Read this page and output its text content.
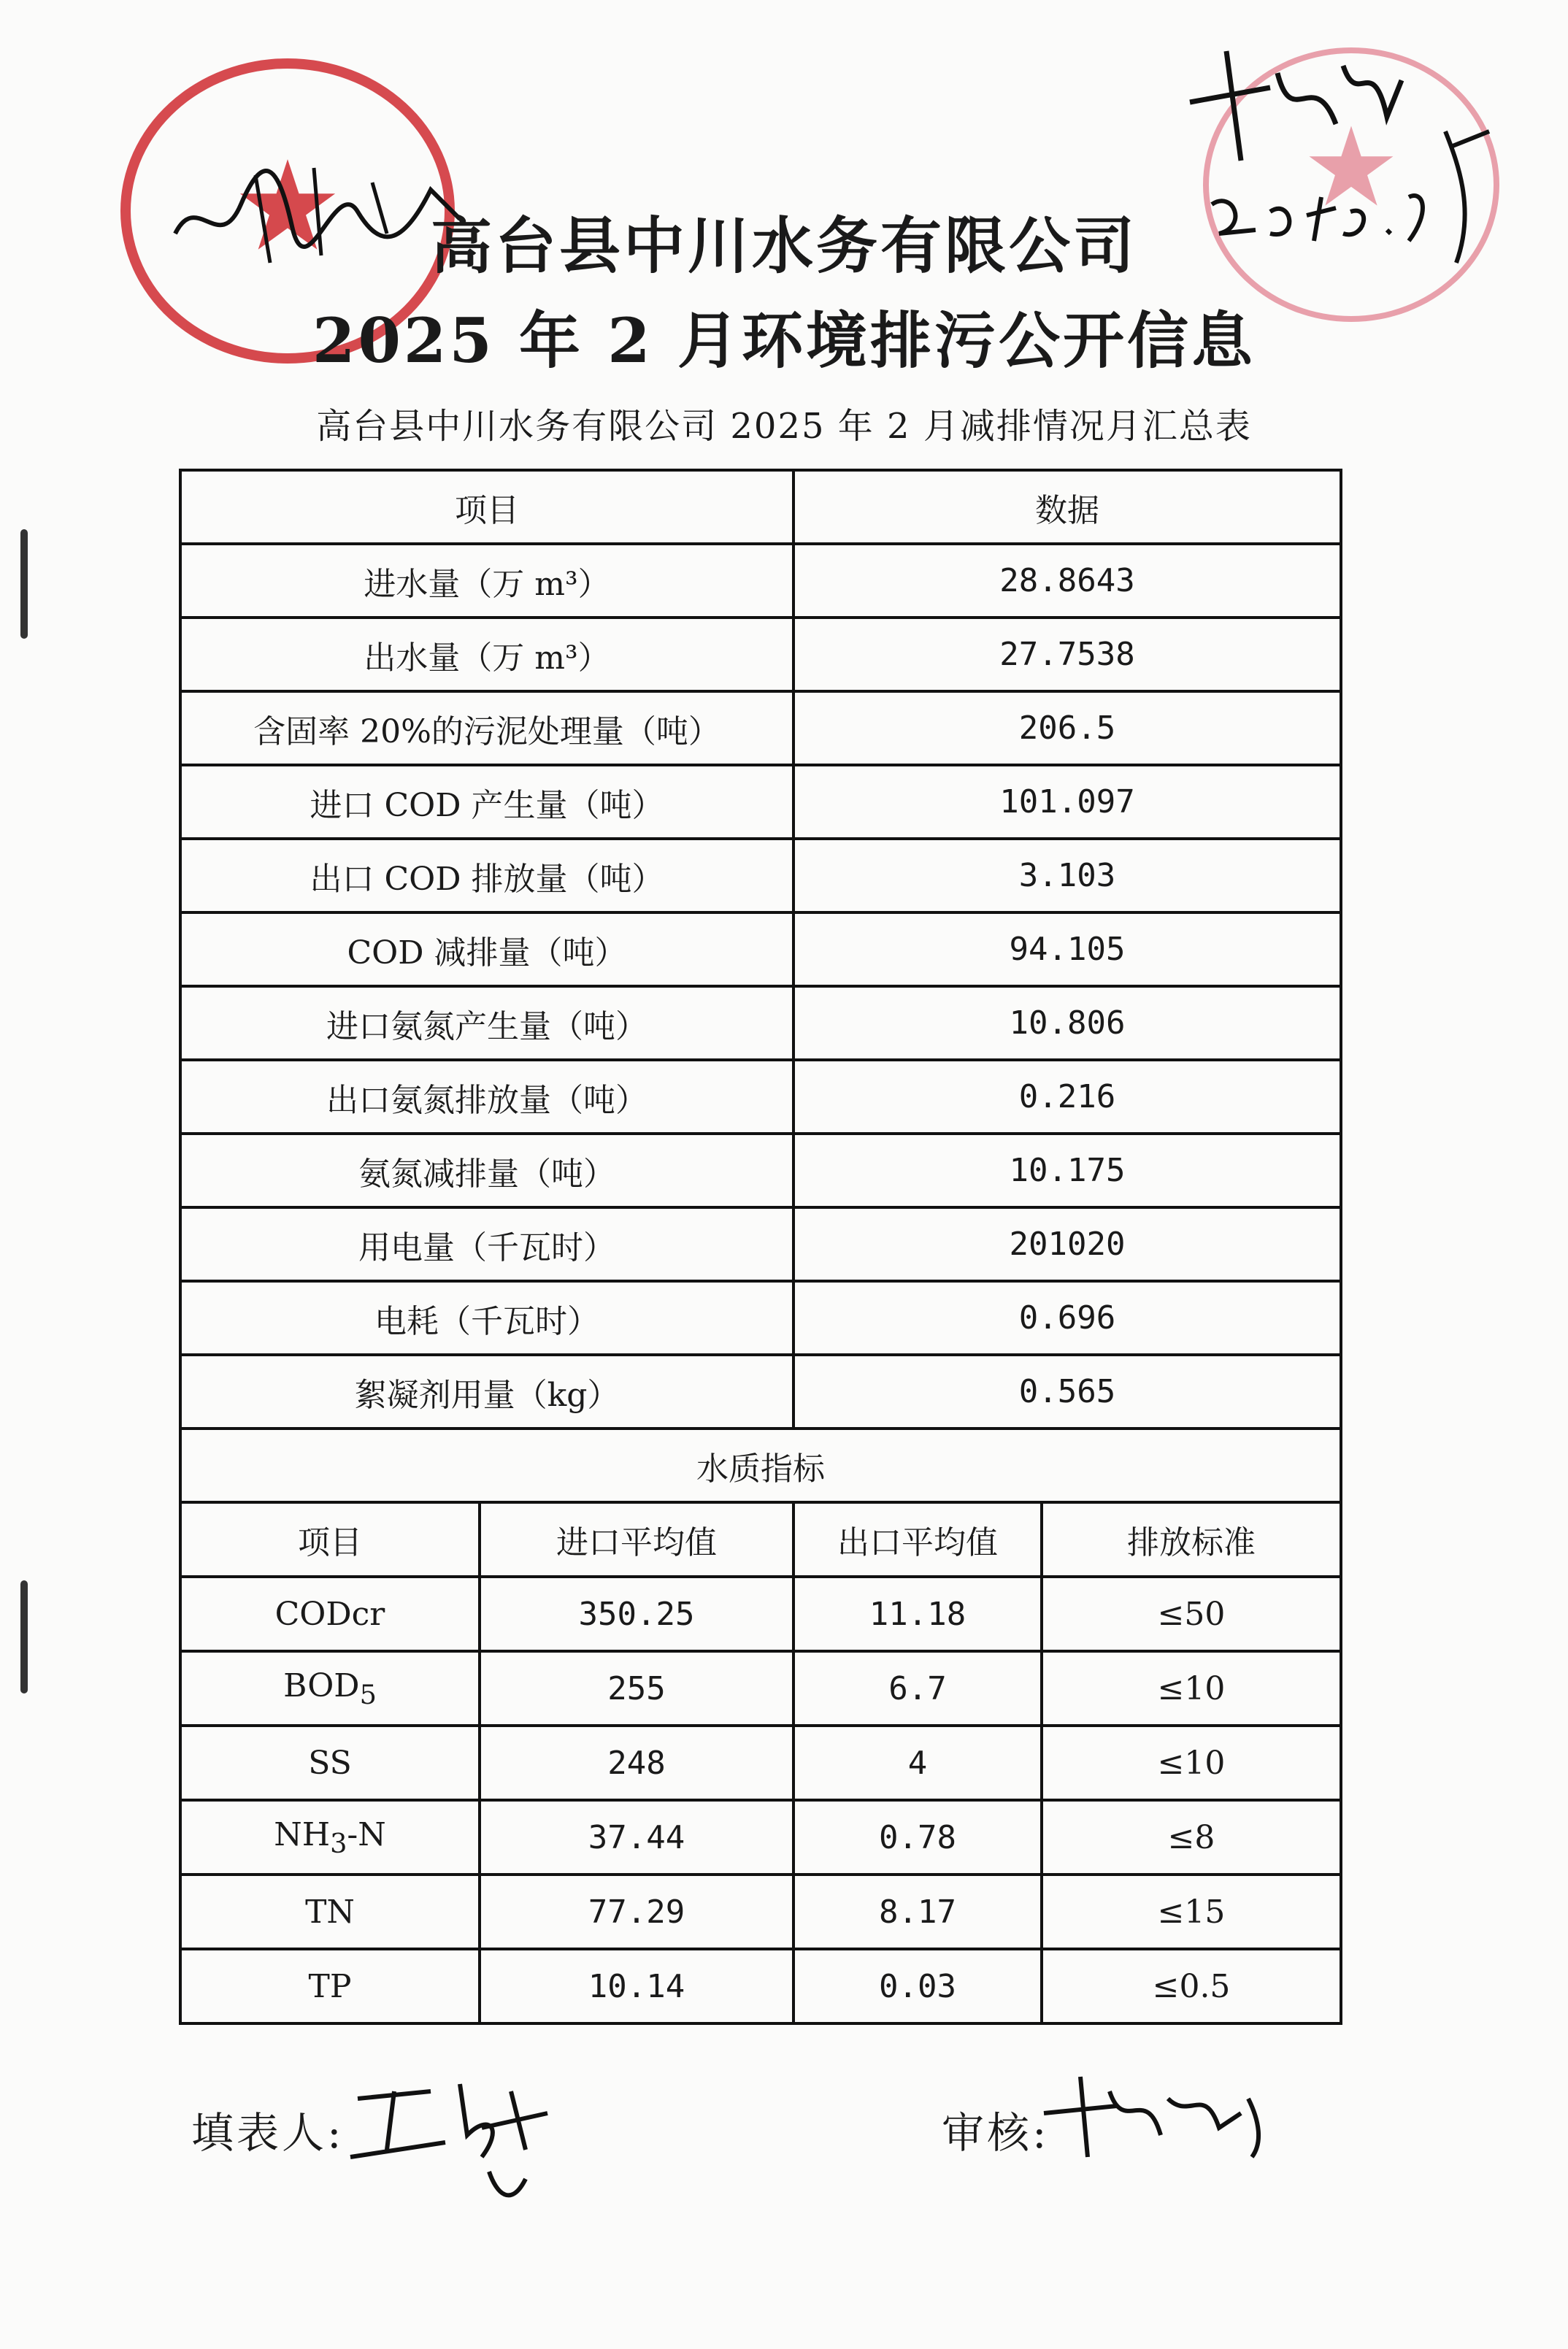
★	★
高台县中川水务有限公司
2025 年 2 月环境排污公开信息
高台县中川水务有限公司 2025 年 2 月减排情况月汇总表
项目		数据	
进水量（万 m³）		28.8643	
出水量（万 m³）		27.7538	
含固率 20%的污泥处理量（吨）		206.5	
进口 COD 产生量（吨）		101.097	
出口 COD 排放量（吨）		3.103	
COD 减排量（吨）		94.105	
进口氨氮产生量（吨）		10.806	
出口氨氮排放量（吨）		0.216	
氨氮减排量（吨）		10.175	
用电量（千瓦时）		201020	
电耗（千瓦时）		0.696	
絮凝剂用量（kg）		0.565	
水质指标			
项目	进口平均值	出口平均值	排放标准
CODcr	350.25	11.18	≤50
$BOD_5$	255	6.7	≤10
SS	248	4	≤10
$NH_3-N$	37.44	0.78	≤8
TN	77.29	8.17	≤15
TP	10.14	0.03	≤0.5
填表人:	审核:
